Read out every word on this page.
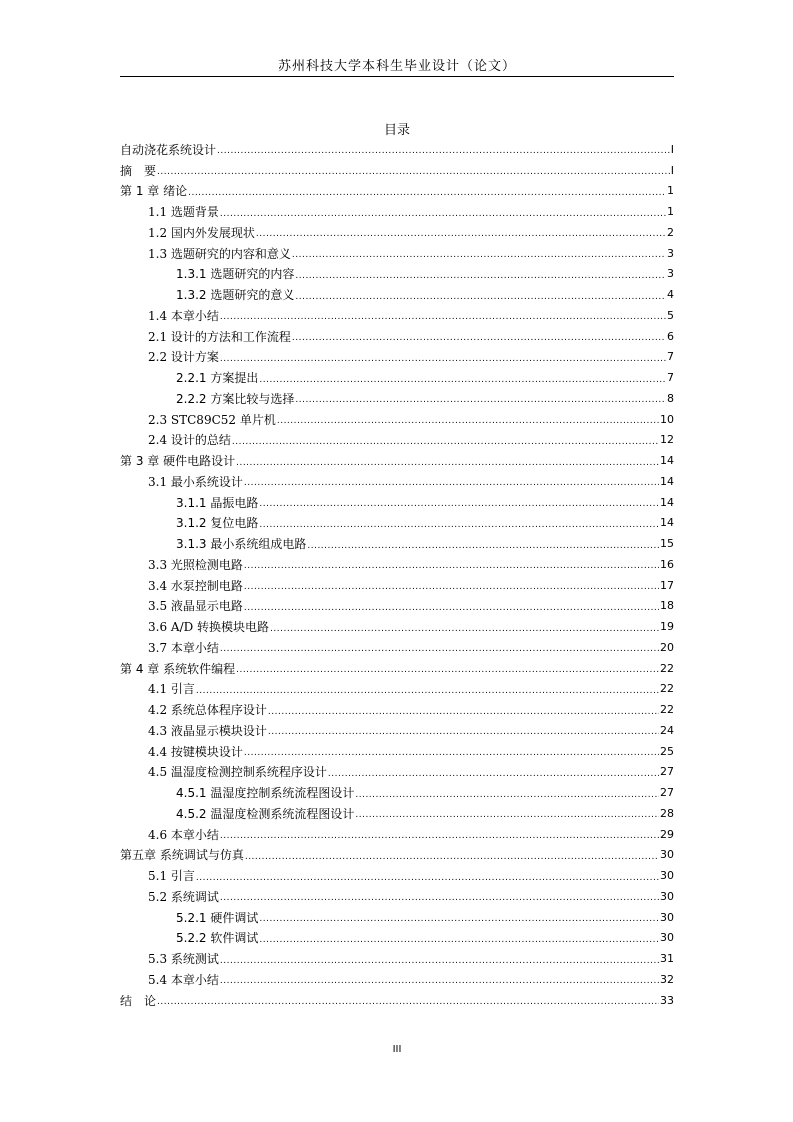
苏州科技大学本科生毕业设计（论文）
目录
自动浇花系统设计 .....	I
摘　要 .....	I
第 1 章 绪论 .....	1
1.1 选题背景 .....	1
1.2 国内外发展现状 .....	2
1.3 选题研究的内容和意义 .....	3
1.3.1 选题研究的内容 .....	3
1.3.2 选题研究的意义 .....	4
1.4 本章小结 .....	5
2.1 设计的方法和工作流程 .....	6
2.2 设计方案 .....	7
2.2.1 方案提出 .....	7
2.2.2 方案比较与选择 .....	8
2.3 STC89C52 单片机 .....	10
2.4 设计的总结 .....	12
第 3 章 硬件电路设计 .....	14
3.1 最小系统设计 .....	14
3.1.1 晶振电路 .....	14
3.1.2 复位电路 .....	14
3.1.3 最小系统组成电路 .....	15
3.3 光照检测电路 .....	16
3.4 水泵控制电路 .....	17
3.5 液晶显示电路 .....	18
3.6 A/D 转换模块电路 .....	19
3.7 本章小结 .....	20
第 4 章 系统软件编程 .....	22
4.1 引言 .....	22
4.2 系统总体程序设计 .....	22
4.3 液晶显示模块设计 .....	24
4.4 按键模块设计 .....	25
4.5 温湿度检测控制系统程序设计 .....	27
4.5.1 温湿度控制系统流程图设计 .....	27
4.5.2 温湿度检测系统流程图设计 .....	28
4.6 本章小结 .....	29
第五章 系统调试与仿真 .....	30
5.1 引言 .....	30
5.2 系统调试 .....	30
5.2.1 硬件调试 .....	30
5.2.2 软件调试 .....	30
5.3 系统测试 .....	31
5.4 本章小结 .....	32
结　论 .....	33
III
